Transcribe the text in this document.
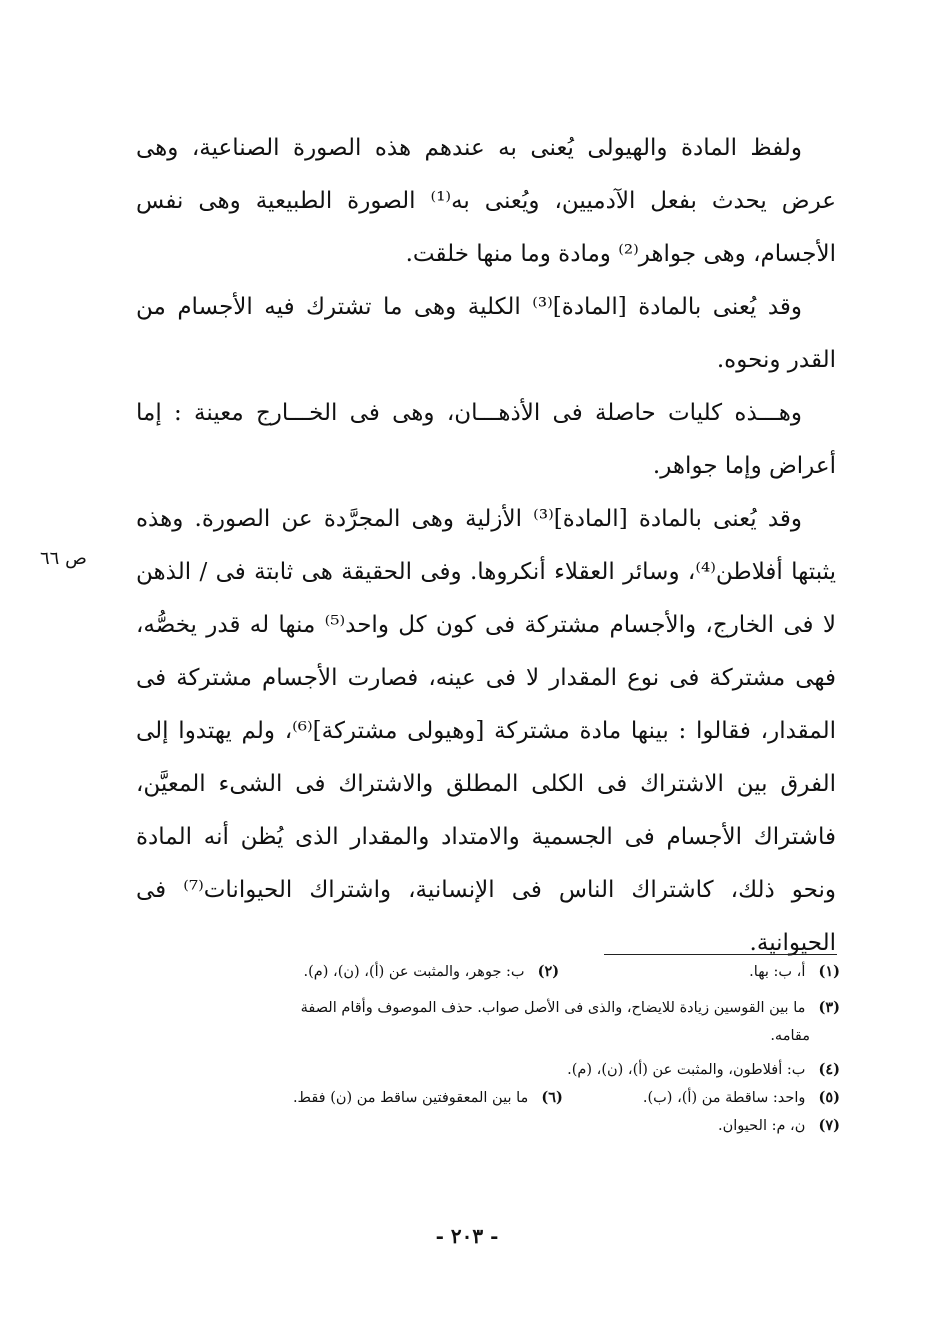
ولفظ المادة والهيولى يُعنى به عندهم هذه الصورة الصناعية، وهى عرض يحدث بفعل الآدميين، ويُعنى به⁽¹⁾ الصورة الطبيعية وهى نفس الأجسام، وهى جواهر⁽²⁾ ومادة وما منها خلقت.

وقد يُعنى بالمادة [المادة]⁽³⁾ الكلية وهى ما تشترك فيه الأجسام من القدر ونحوه.

وهـــذه كليات حاصلة فى الأذهـــان، وهى فى الخـــارج معينة : إما أعراض وإما جواهر.

وقد يُعنى بالمادة [المادة]⁽³⁾ الأزلية وهى المجرَّدة عن الصورة. وهذه يثبتها أفلاطن⁽⁴⁾، وسائر العقلاء أنكروها. وفى الحقيقة هى ثابتة فى / الذهن لا فى الخارج، والأجسام مشتركة فى كون كل واحد⁽⁵⁾ منها له قدر يخصُّه، فهى مشتركة فى نوع المقدار لا فى عينه، فصارت الأجسام مشتركة فى المقدار، فقالوا : بينها مادة مشتركة [وهيولى مشتركة]⁽⁶⁾، ولم يهتدوا إلى الفرق بين الاشتراك فى الكلى المطلق والاشتراك فى الشىء المعيَّن، فاشتراك الأجسام فى الجسمية والامتداد والمقدار الذى يُظن أنه المادة ونحو ذلك، كاشتراك الناس فى الإنسانية، واشتراك الحيوانات⁽⁷⁾ فى الحيوانية.

ص ٦٦
(١) أ، ب: بها.
(٢) ب: جوهر، والمثبت عن (أ)، (ن)، (م).
(٣) ما بين القوسين زيادة للايضاح، والذى فى الأصل صواب. حذف الموصوف وأقام الصفة
مقامه.
(٤) ب: أفلاطون، والمثبت عن (أ)، (ن)، (م).
(٥) واحد: ساقطة من (أ)، (ب).
(٦) ما بين المعقوفتين ساقط من (ن) فقط.
(٧) ن، م: الحيوان.
- ٢٠٣ -
